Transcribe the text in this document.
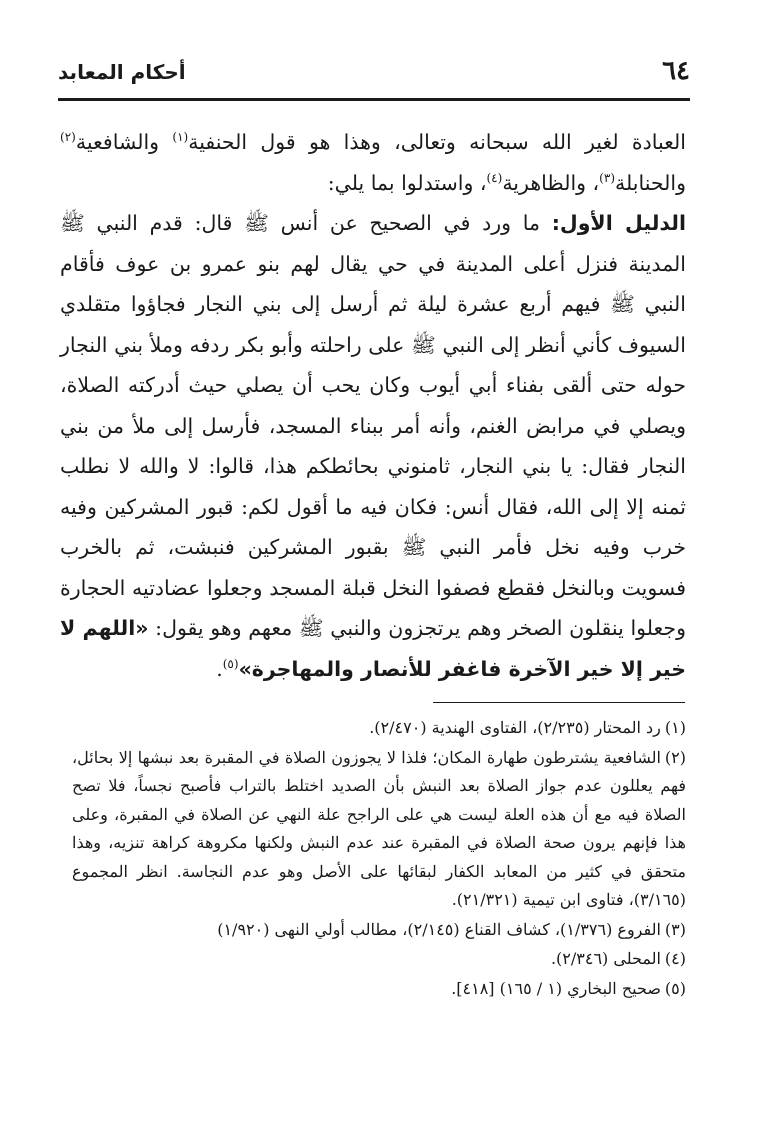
٦٤
أحكام المعابد

العبادة لغير الله سبحانه وتعالى، وهذا هو قول الحنفية$^{(١)}$ والشافعية$^{(٢)}$ والحنابلة$^{(٣)}$، والظاهرية$^{(٤)}$، واستدلوا بما يلي:

الدليل الأول: ما ورد في الصحيح عن أنس ﷺ قال: قدم النبي ﷺ المدينة فنزل أعلى المدينة في حي يقال لهم بنو عمرو بن عوف فأقام النبي ﷺ فيهم أربع عشرة ليلة ثم أرسل إلى بني النجار فجاؤوا متقلدي السيوف كأني أنظر إلى النبي ﷺ على راحلته وأبو بكر ردفه وملأ بني النجار حوله حتى ألقى بفناء أبي أيوب وكان يحب أن يصلي حيث أدركته الصلاة، ويصلي في مرابض الغنم، وأنه أمر ببناء المسجد، فأرسل إلى ملأ من بني النجار فقال: يا بني النجار، ثامنوني بحائطكم هذا، قالوا: لا والله لا نطلب ثمنه إلا إلى الله، فقال أنس: فكان فيه ما أقول لكم: قبور المشركين وفيه خرب وفيه نخل فأمر النبي ﷺ بقبور المشركين فنبشت، ثم بالخرب فسويت وبالنخل فقطع فصفوا النخل قبلة المسجد وجعلوا عضادتيه الحجارة وجعلوا ينقلون الصخر وهم يرتجزون والنبي ﷺ معهم وهو يقول: «اللهم لا خير إلا خير الآخرة فاغفر للأنصار والمهاجرة»$^{(٥)}$.

(١)رد المحتار (٢/٢٣٥)، الفتاوى الهندية (٢/٤٧٠).

(٢)الشافعية يشترطون طهارة المكان؛ فلذا لا يجوزون الصلاة في المقبرة بعد نبشها إلا بحائل، فهم يعللون عدم جواز الصلاة بعد النبش بأن الصديد اختلط بالتراب فأصبح نجساً، فلا تصح الصلاة فيه مع أن هذه العلة ليست هي على الراجح علة النهي عن الصلاة في المقبرة، وعلى هذا فإنهم يرون صحة الصلاة في المقبرة عند عدم النبش ولكنها مكروهة كراهة تنزيه، وهذا متحقق في كثير من المعابد الكفار لبقائها على الأصل وهو عدم النجاسة. انظر المجموع (٣/١٦٥)، فتاوى ابن تيمية (٢١/٣٢١).

(٣)الفروع (١/٣٧٦)، كشاف القناع (٢/١٤٥)، مطالب أولي النهى (١/٩٢٠)

(٤)المحلى (٢/٣٤٦).

(٥)صحيح البخاري (١ / ١٦٥) [٤١٨].
